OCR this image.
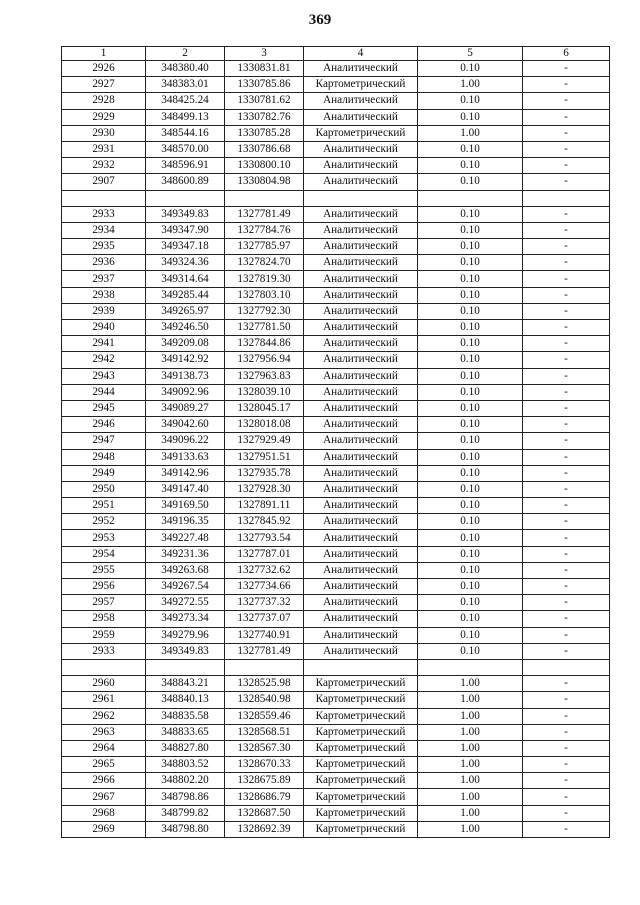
369
1	2	3	4	5	6
2926	348380.40	1330831.81	Аналитический	0.10	-
2927	348383.01	1330785.86	Картометрический	1.00	-
2928	348425.24	1330781.62	Аналитический	0.10	-
2929	348499.13	1330782.76	Аналитический	0.10	-
2930	348544.16	1330785.28	Картометрический	1.00	-
2931	348570.00	1330786.68	Аналитический	0.10	-
2932	348596.91	1330800.10	Аналитический	0.10	-
2907	348600.89	1330804.98	Аналитический	0.10	-

2933	349349.83	1327781.49	Аналитический	0.10	-
2934	349347.90	1327784.76	Аналитический	0.10	-
2935	349347.18	1327785.97	Аналитический	0.10	-
2936	349324.36	1327824.70	Аналитический	0.10	-
2937	349314.64	1327819.30	Аналитический	0.10	-
2938	349285.44	1327803.10	Аналитический	0.10	-
2939	349265.97	1327792.30	Аналитический	0.10	-
2940	349246.50	1327781.50	Аналитический	0.10	-
2941	349209.08	1327844.86	Аналитический	0.10	-
2942	349142.92	1327956.94	Аналитический	0.10	-
2943	349138.73	1327963.83	Аналитический	0.10	-
2944	349092.96	1328039.10	Аналитический	0.10	-
2945	349089.27	1328045.17	Аналитический	0.10	-
2946	349042.60	1328018.08	Аналитический	0.10	-
2947	349096.22	1327929.49	Аналитический	0.10	-
2948	349133.63	1327951.51	Аналитический	0.10	-
2949	349142.96	1327935.78	Аналитический	0.10	-
2950	349147.40	1327928.30	Аналитический	0.10	-
2951	349169.50	1327891.11	Аналитический	0.10	-
2952	349196.35	1327845.92	Аналитический	0.10	-
2953	349227.48	1327793.54	Аналитический	0.10	-
2954	349231.36	1327787.01	Аналитический	0.10	-
2955	349263.68	1327732.62	Аналитический	0.10	-
2956	349267.54	1327734.66	Аналитический	0.10	-
2957	349272.55	1327737.32	Аналитический	0.10	-
2958	349273.34	1327737.07	Аналитический	0.10	-
2959	349279.96	1327740.91	Аналитический	0.10	-
2933	349349.83	1327781.49	Аналитический	0.10	-

2960	348843.21	1328525.98	Картометрический	1.00	-
2961	348840.13	1328540.98	Картометрический	1.00	-
2962	348835.58	1328559.46	Картометрический	1.00	-
2963	348833.65	1328568.51	Картометрический	1.00	-
2964	348827.80	1328567.30	Картометрический	1.00	-
2965	348803.52	1328670.33	Картометрический	1.00	-
2966	348802.20	1328675.89	Картометрический	1.00	-
2967	348798.86	1328686.79	Картометрический	1.00	-
2968	348799.82	1328687.50	Картометрический	1.00	-
2969	348798.80	1328692.39	Картометрический	1.00	-
